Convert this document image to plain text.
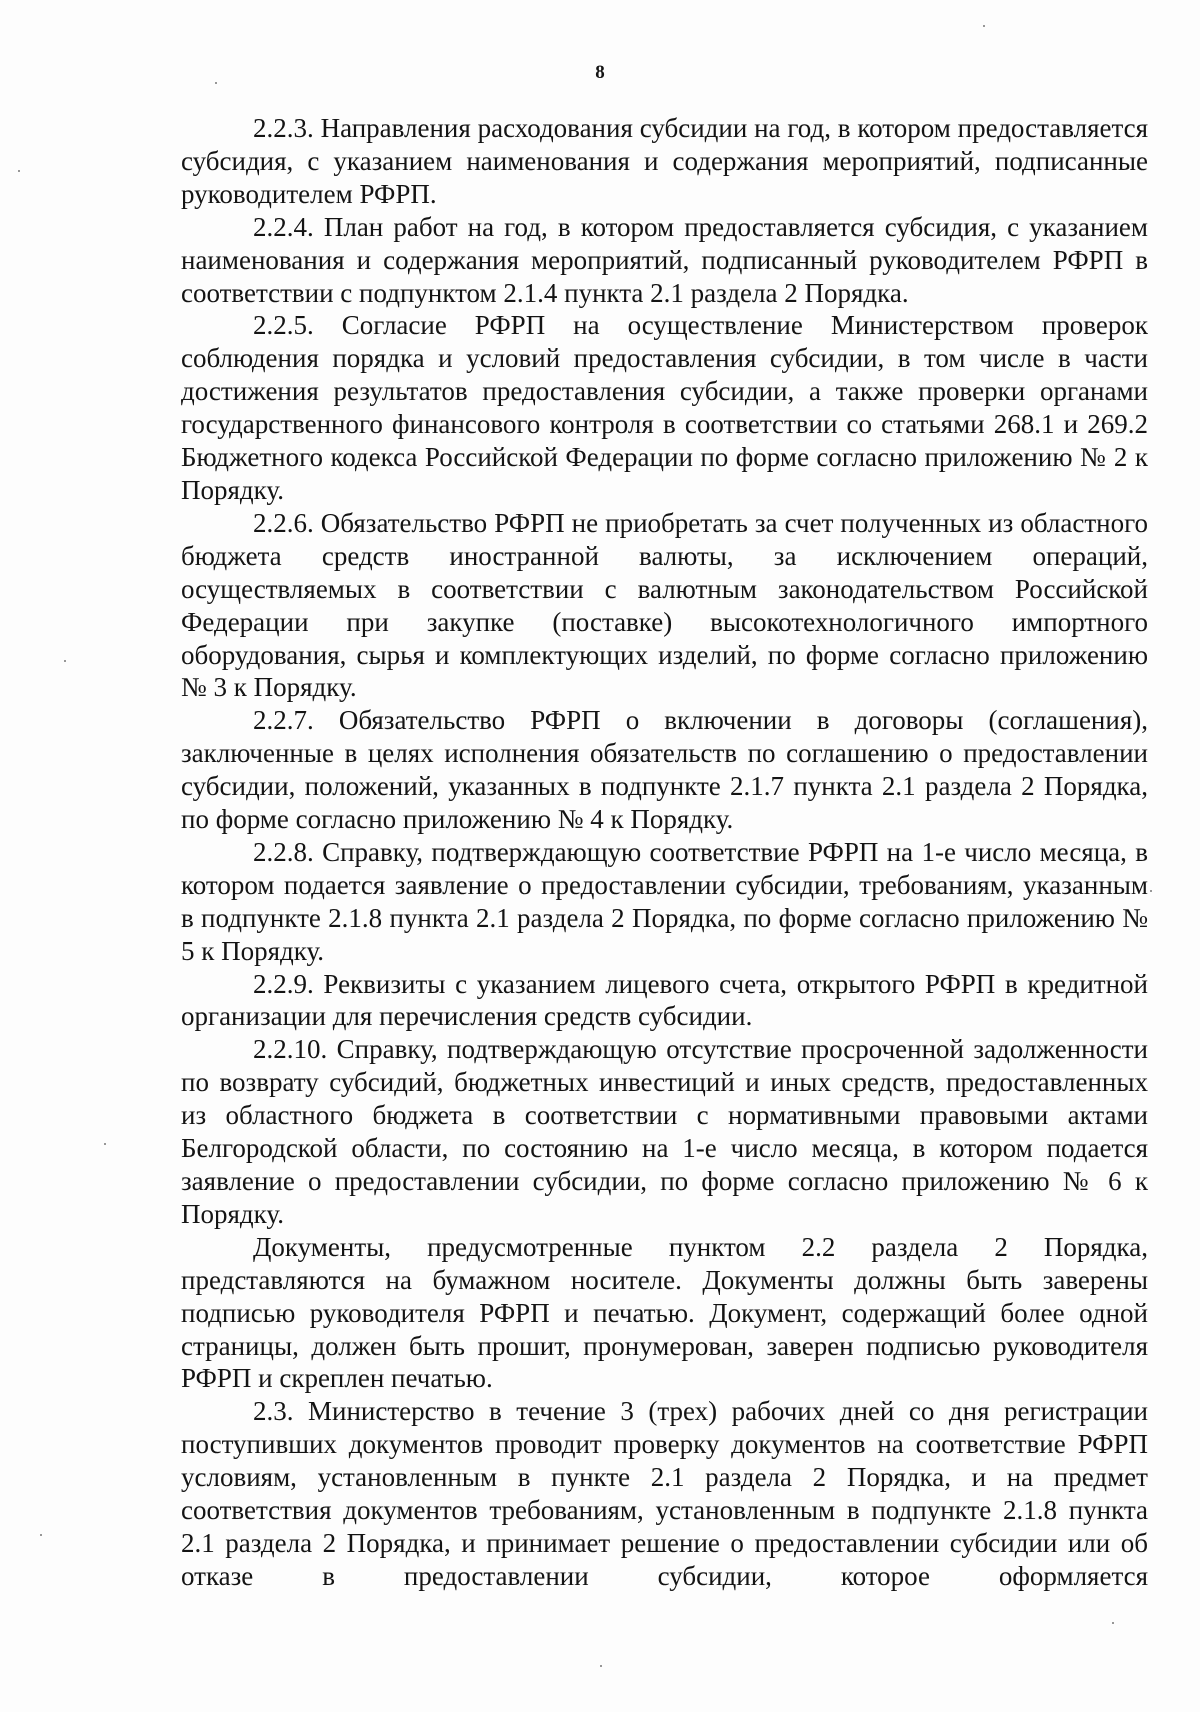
8

2.2.3. Направления расходования субсидии на год, в котором предоставляется субсидия, с указанием наименования и содержания мероприятий, подписанные руководителем РФРП.

2.2.4. План работ на год, в котором предоставляется субсидия, с указанием наименования и содержания мероприятий, подписанный руководителем РФРП в соответствии с подпунктом 2.1.4 пункта 2.1 раздела 2 Порядка.

2.2.5. Согласие РФРП на осуществление Министерством проверок соблюдения порядка и условий предоставления субсидии, в том числе в части достижения результатов предоставления субсидии, а также проверки органами государственного финансового контроля в соответствии со статьями 268.1 и 269.2 Бюджетного кодекса Российской Федерации по форме согласно приложению № 2 к Порядку.

2.2.6. Обязательство РФРП не приобретать за счет полученных из областного бюджета средств иностранной валюты, за исключением операций, осуществляемых в соответствии с валютным законодательством Российской Федерации при закупке (поставке) высокотехнологичного импортного оборудования, сырья и комплектующих изделий, по форме согласно приложению № 3 к Порядку.

2.2.7. Обязательство РФРП о включении в договоры (соглашения), заключенные в целях исполнения обязательств по соглашению о предоставлении субсидии, положений, указанных в подпункте 2.1.7 пункта 2.1 раздела 2 Порядка, по форме согласно приложению № 4 к Порядку.

2.2.8. Справку, подтверждающую соответствие РФРП на 1-е число месяца, в котором подается заявление о предоставлении субсидии, требованиям, указанным в подпункте 2.1.8 пункта 2.1 раздела 2 Порядка, по форме согласно приложению № 5 к Порядку.

2.2.9. Реквизиты с указанием лицевого счета, открытого РФРП в кредитной организации для перечисления средств субсидии.

2.2.10. Справку, подтверждающую отсутствие просроченной задолженности по возврату субсидий, бюджетных инвестиций и иных средств, предоставленных из областного бюджета в соответствии с нормативными правовыми актами Белгородской области, по состоянию на 1-е число месяца, в котором подается заявление о предоставлении субсидии, по форме согласно приложению № 6 к Порядку.

Документы, предусмотренные пунктом 2.2 раздела 2 Порядка, представляются на бумажном носителе. Документы должны быть заверены подписью руководителя РФРП и печатью. Документ, содержащий более одной страницы, должен быть прошит, пронумерован, заверен подписью руководителя РФРП и скреплен печатью.

2.3. Министерство в течение 3 (трех) рабочих дней со дня регистрации поступивших документов проводит проверку документов на соответствие РФРП условиям, установленным в пункте 2.1 раздела 2 Порядка, и на предмет соответствия документов требованиям, установленным в подпункте 2.1.8 пункта 2.1 раздела 2 Порядка, и принимает решение о предоставлении субсидии или об отказе в предоставлении субсидии, которое оформляется
